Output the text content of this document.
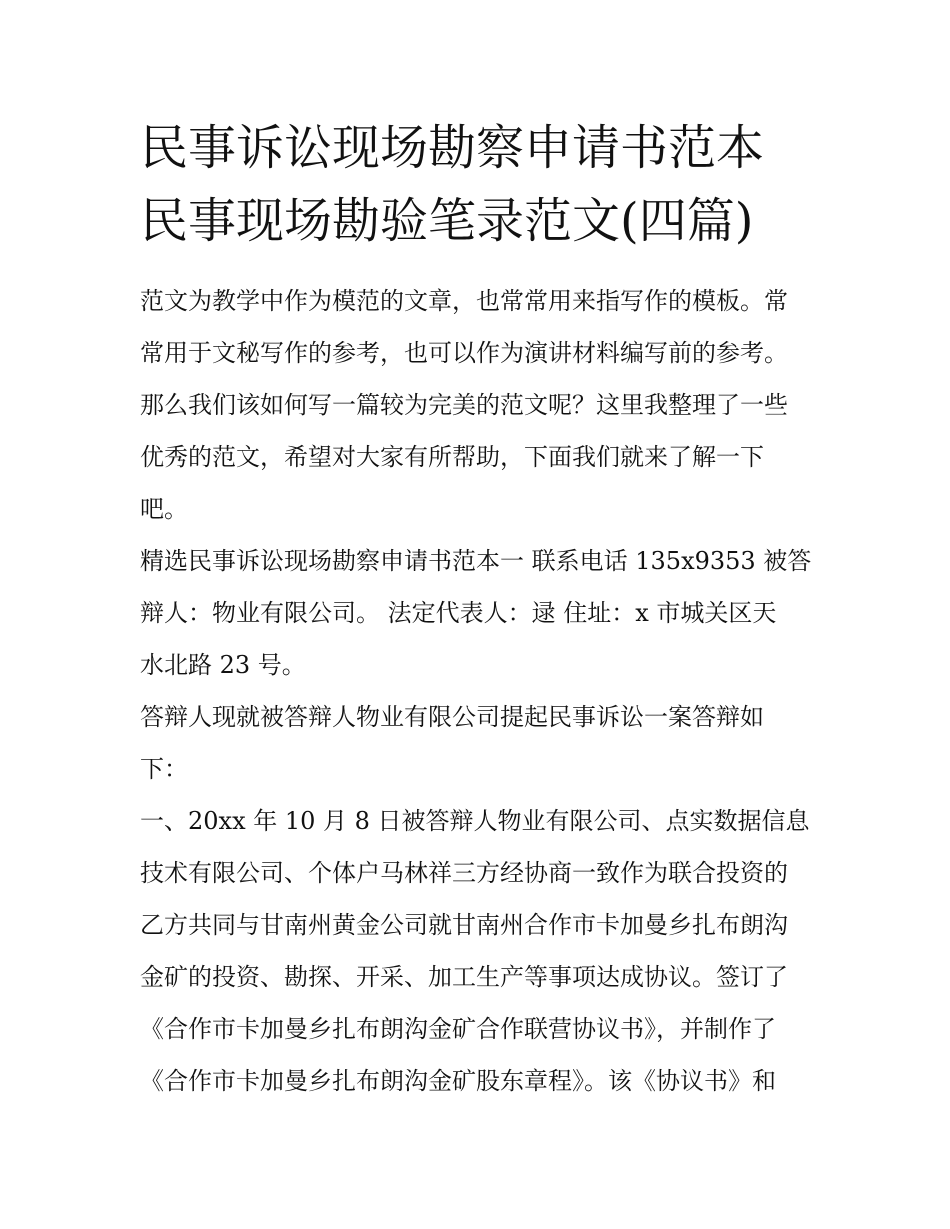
民事诉讼现场勘察申请书范本
民事现场勘验笔录范文(四篇)
范文为教学中作为模范的文章，也常常用来指写作的模板。常
常用于文秘写作的参考，也可以作为演讲材料编写前的参考。
那么我们该如何写一篇较为完美的范文呢？这里我整理了一些
优秀的范文，希望对大家有所帮助，下面我们就来了解一下
吧。
精选民事诉讼现场勘察申请书范本一 联系电话 135x9353 被答
辩人：物业有限公司。 法定代表人：逯 住址：x 市城关区天
水北路 23 号。
答辩人现就被答辩人物业有限公司提起民事诉讼一案答辩如
下：
一、20xx 年 10 月 8 日被答辩人物业有限公司、点实数据信息
技术有限公司、个体户马林祥三方经协商一致作为联合投资的
乙方共同与甘南州黄金公司就甘南州合作市卡加曼乡扎布朗沟
金矿的投资、勘探、开采、加工生产等事项达成协议。签订了
《合作市卡加曼乡扎布朗沟金矿合作联营协议书》，并制作了
《合作市卡加曼乡扎布朗沟金矿股东章程》。该《协议书》和
